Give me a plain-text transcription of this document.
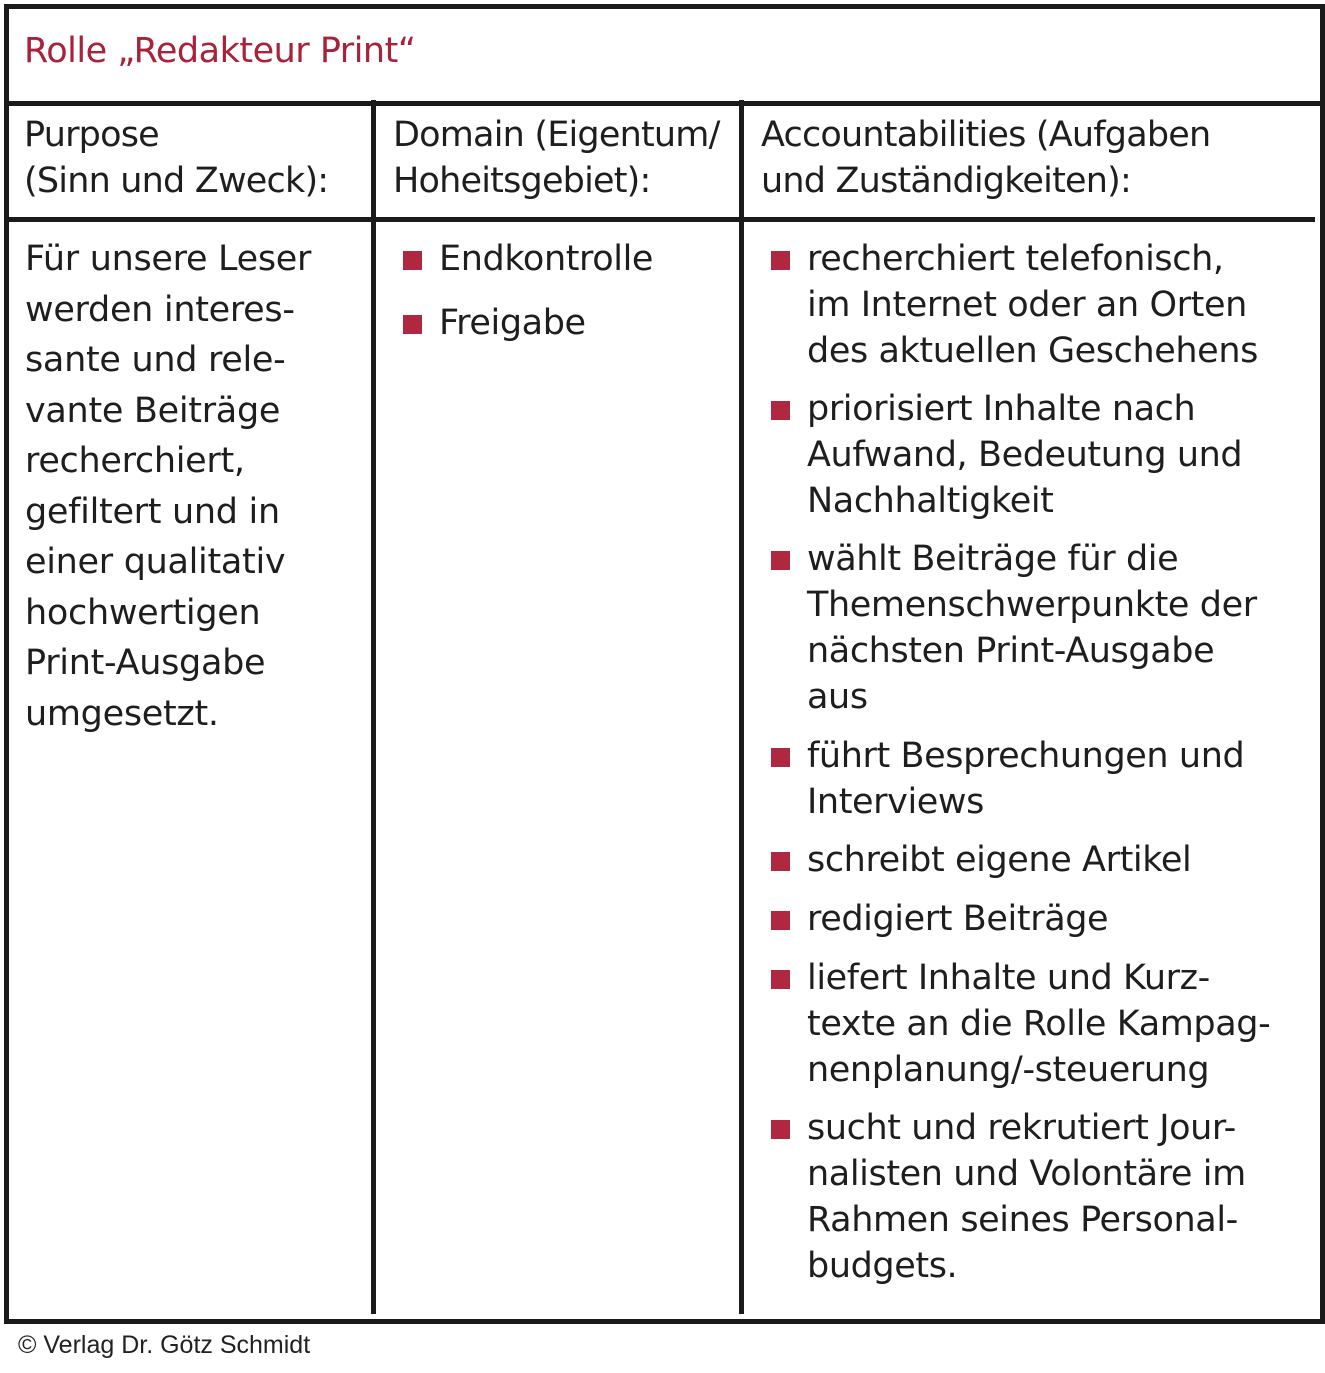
Rolle „Redakteur Print“
Purpose
(Sinn und Zweck):
Domain (Eigentum/
Hoheitsgebiet):
Accountabilities (Aufgaben
und Zuständigkeiten):
Für unsere Leser
werden interes-
sante und rele-
vante Beiträge
recherchiert,
gefiltert und in
einer qualitativ
hochwertigen
Print-Ausgabe
umgesetzt.
Endkontrolle
Freigabe
recherchiert telefonisch,
im Internet oder an Orten
des aktuellen Geschehens
priorisiert Inhalte nach
Aufwand, Bedeutung und
Nachhaltigkeit
wählt Beiträge für die
Themenschwerpunkte der
nächsten Print-Ausgabe
aus
führt Besprechungen und
Interviews
schreibt eigene Artikel
redigiert Beiträge
liefert Inhalte und Kurz-
texte an die Rolle Kampag-
nenplanung/-steuerung
sucht und rekrutiert Jour-
nalisten und Volontäre im
Rahmen seines Personal-
budgets.
© Verlag Dr. Götz Schmidt
